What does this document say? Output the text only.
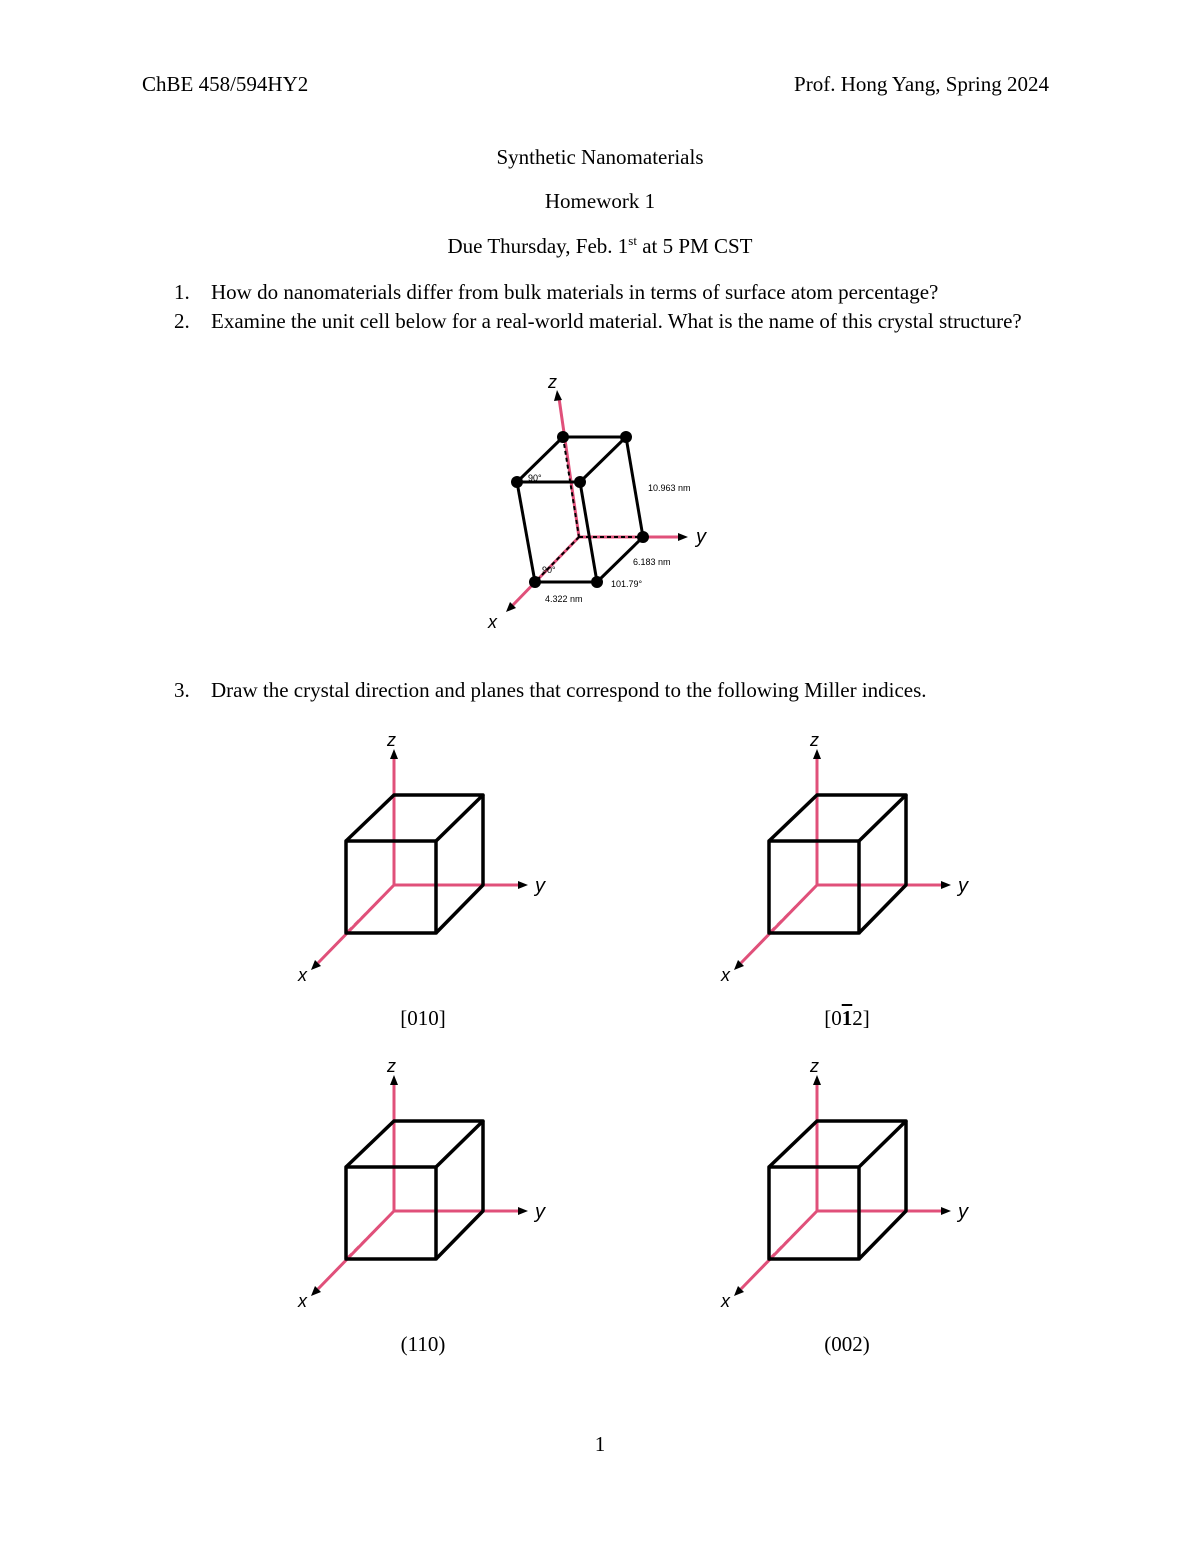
ChBE 458/594HY2	Prof. Hong Yang, Spring 2024
Synthetic Nanomaterials
Homework 1
Due Thursday, Feb. 1st at 5 PM CST
1.	How do nanomaterials differ from bulk materials in terms of surface atom percentage?
2.	Examine the unit cell below for a real-world material. What is the name of this crystal structure?
z
y
x
10.963 nm
6.183 nm
4.322 nm
90°
90°
101.79°
3.	Draw the crystal direction and planes that correspond to the following Miller indices.
z
y
x
[010]
z
y
x
[012]
z
y
x
(110)
z
y
x
(002)
1
